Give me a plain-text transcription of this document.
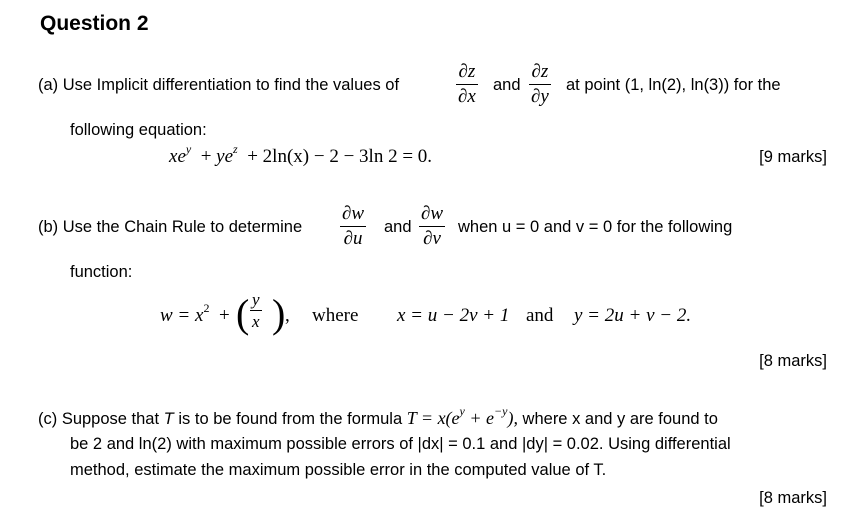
Question 2
(a) Use Implicit differentiation to find the values of
∂z
∂x
and
∂z
∂y
at point (1, ln(2), ln(3)) for the
following equation:
$xe^y + ye^z + 2\ln(x) - 2 - 3\ln$ 2 = 0.	[9 marks]
(b) Use the Chain Rule to determine
∂w
∂u
and
∂w
∂v
when u = 0 and v = 0 for the following
function:
$w = x^2$ + ( y
x ) , where x = u − 2v + 1 and y = 2u + v − 2.
[8 marks]
(c) Suppose that T is to be found from the formula $T = x(e^y + e^{-y})$, where x and y are found to
be 2 and ln(2) with maximum possible errors of |dx| = 0.1 and |dy| = 0.02. Using differential
method, estimate the maximum possible error in the computed value of T.
[8 marks]
